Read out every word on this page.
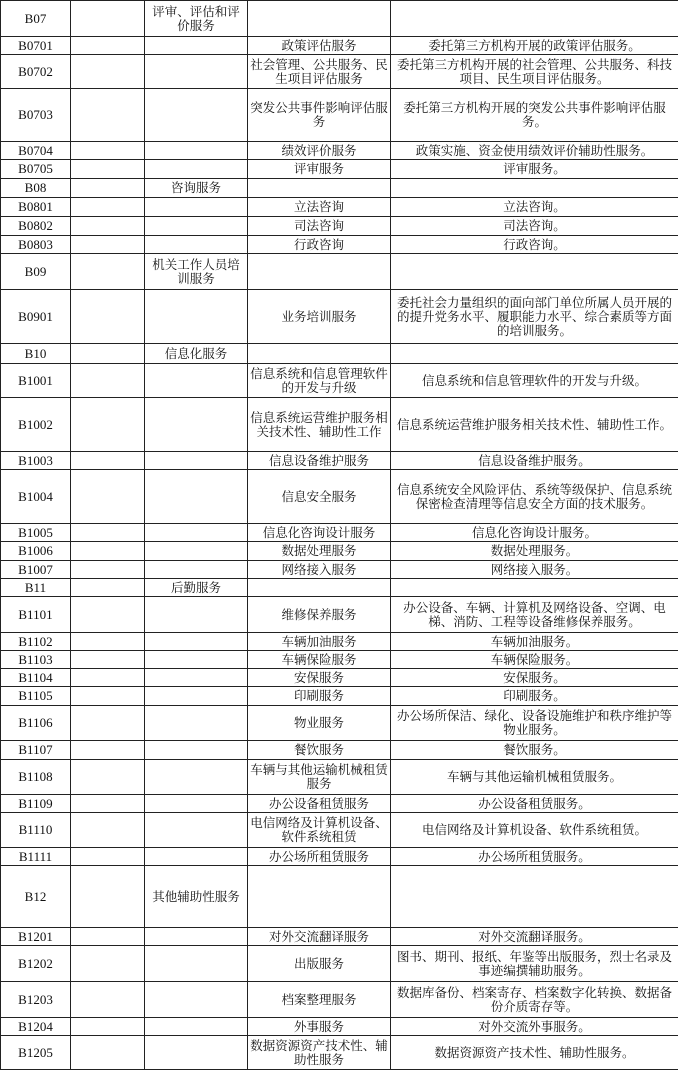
B07		评审、评估和评价服务		
B0701			政策评估服务	委托第三方机构开展的政策评估服务。
B0702			社会管理、公共服务、民生项目评估服务	委托第三方机构开展的社会管理、公共服务、科技项目、民生项目评估服务。
B0703			突发公共事件影响评估服务	委托第三方机构开展的突发公共事件影响评估服务。
B0704			绩效评价服务	政策实施、资金使用绩效评价辅助性服务。
B0705			评审服务	评审服务。
B08		咨询服务		
B0801			立法咨询	立法咨询。
B0802			司法咨询	司法咨询。
B0803			行政咨询	行政咨询。
B09		机关工作人员培训服务		
B0901			业务培训服务	委托社会力量组织的面向部门单位所属人员开展的的提升党务水平、履职能力水平、综合素质等方面的培训服务。
B10		信息化服务		
B1001			信息系统和信息管理软件的开发与升级	信息系统和信息管理软件的开发与升级。
B1002			信息系统运营维护服务相关技术性、辅助性工作	信息系统运营维护服务相关技术性、辅助性工作。
B1003			信息设备维护服务	信息设备维护服务。
B1004			信息安全服务	信息系统安全风险评估、系统等级保护、信息系统保密检查清理等信息安全方面的技术服务。
B1005			信息化咨询设计服务	信息化咨询设计服务。
B1006			数据处理服务	数据处理服务。
B1007			网络接入服务	网络接入服务。
B11		后勤服务		
B1101			维修保养服务	办公设备、车辆、计算机及网络设备、空调、电梯、消防、工程等设备维修保养服务。
B1102			车辆加油服务	车辆加油服务。
B1103			车辆保险服务	车辆保险服务。
B1104			安保服务	安保服务。
B1105			印刷服务	印刷服务。
B1106			物业服务	办公场所保洁、绿化、设备设施维护和秩序维护等物业服务。
B1107			餐饮服务	餐饮服务。
B1108			车辆与其他运输机械租赁服务	车辆与其他运输机械租赁服务。
B1109			办公设备租赁服务	办公设备租赁服务。
B1110			电信网络及计算机设备、软件系统租赁	电信网络及计算机设备、软件系统租赁。
B1111			办公场所租赁服务	办公场所租赁服务。
B12		其他辅助性服务		
B1201			对外交流翻译服务	对外交流翻译服务。
B1202			出版服务	图书、期刊、报纸、年鉴等出版服务，烈士名录及事迹编撰辅助服务。
B1203			档案整理服务	数据库备份、档案寄存、档案数字化转换、数据备份介质寄存等。
B1204			外事服务	对外交流外事服务。
B1205			数据资源资产技术性、辅助性服务	数据资源资产技术性、辅助性服务。
